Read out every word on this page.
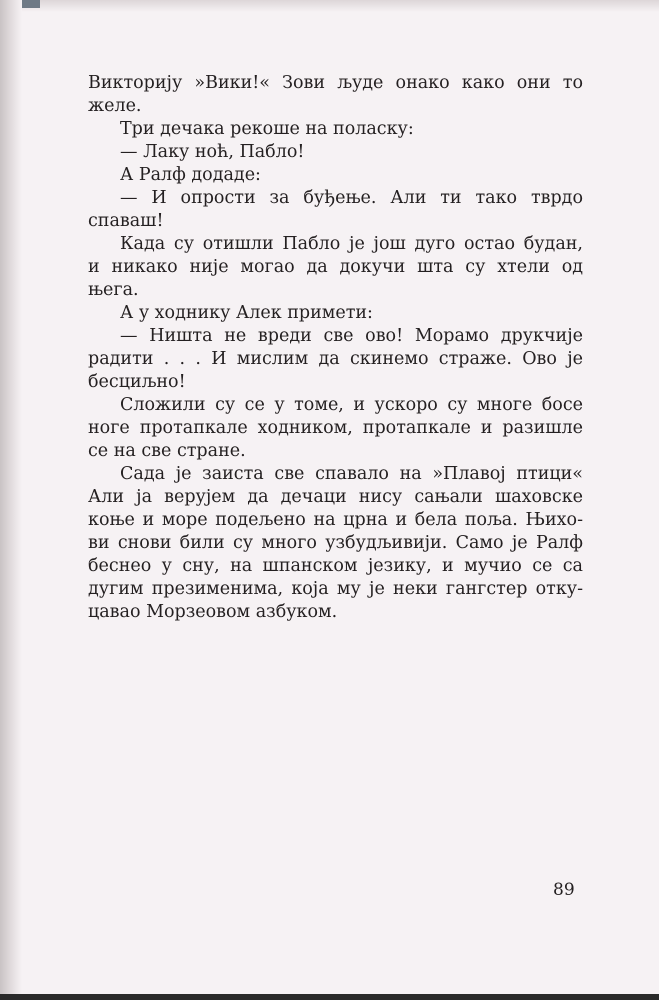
Викторију »Вики!« Зови људе онако како они то
желе.
Три дечака рекоше на поласку:
— Лаку ноћ, Пабло!
А Ралф додаде:
— И опрости за буђење. Али ти тако тврдо
спаваш!
Када су отишли Пабло је још дуго остао будан,
и никако није могао да докучи шта су хтели од
њега.
А у ходнику Алек примети:
— Ништа не вреди све ово! Морамо друкчије
радити . . . И мислим да скинемо страже. Ово је
бесциљно!
Сложили су се у томе, и ускоро су многе босе
ноге протапкале ходником, протапкале и разишле
се на све стране.
Сада је заиста све спавало на »Плавој птици«
Али ја верујем да дечаци нису сањали шаховске
коње и море подељено на црна и бела поља. Њихо-
ви снови били су много узбудљивији. Само је Ралф
беснео у сну, на шпанском језику, и мучио се са
дугим презименима, која му је неки гангстер отку-
цавао Морзеовом азбуком.
89
